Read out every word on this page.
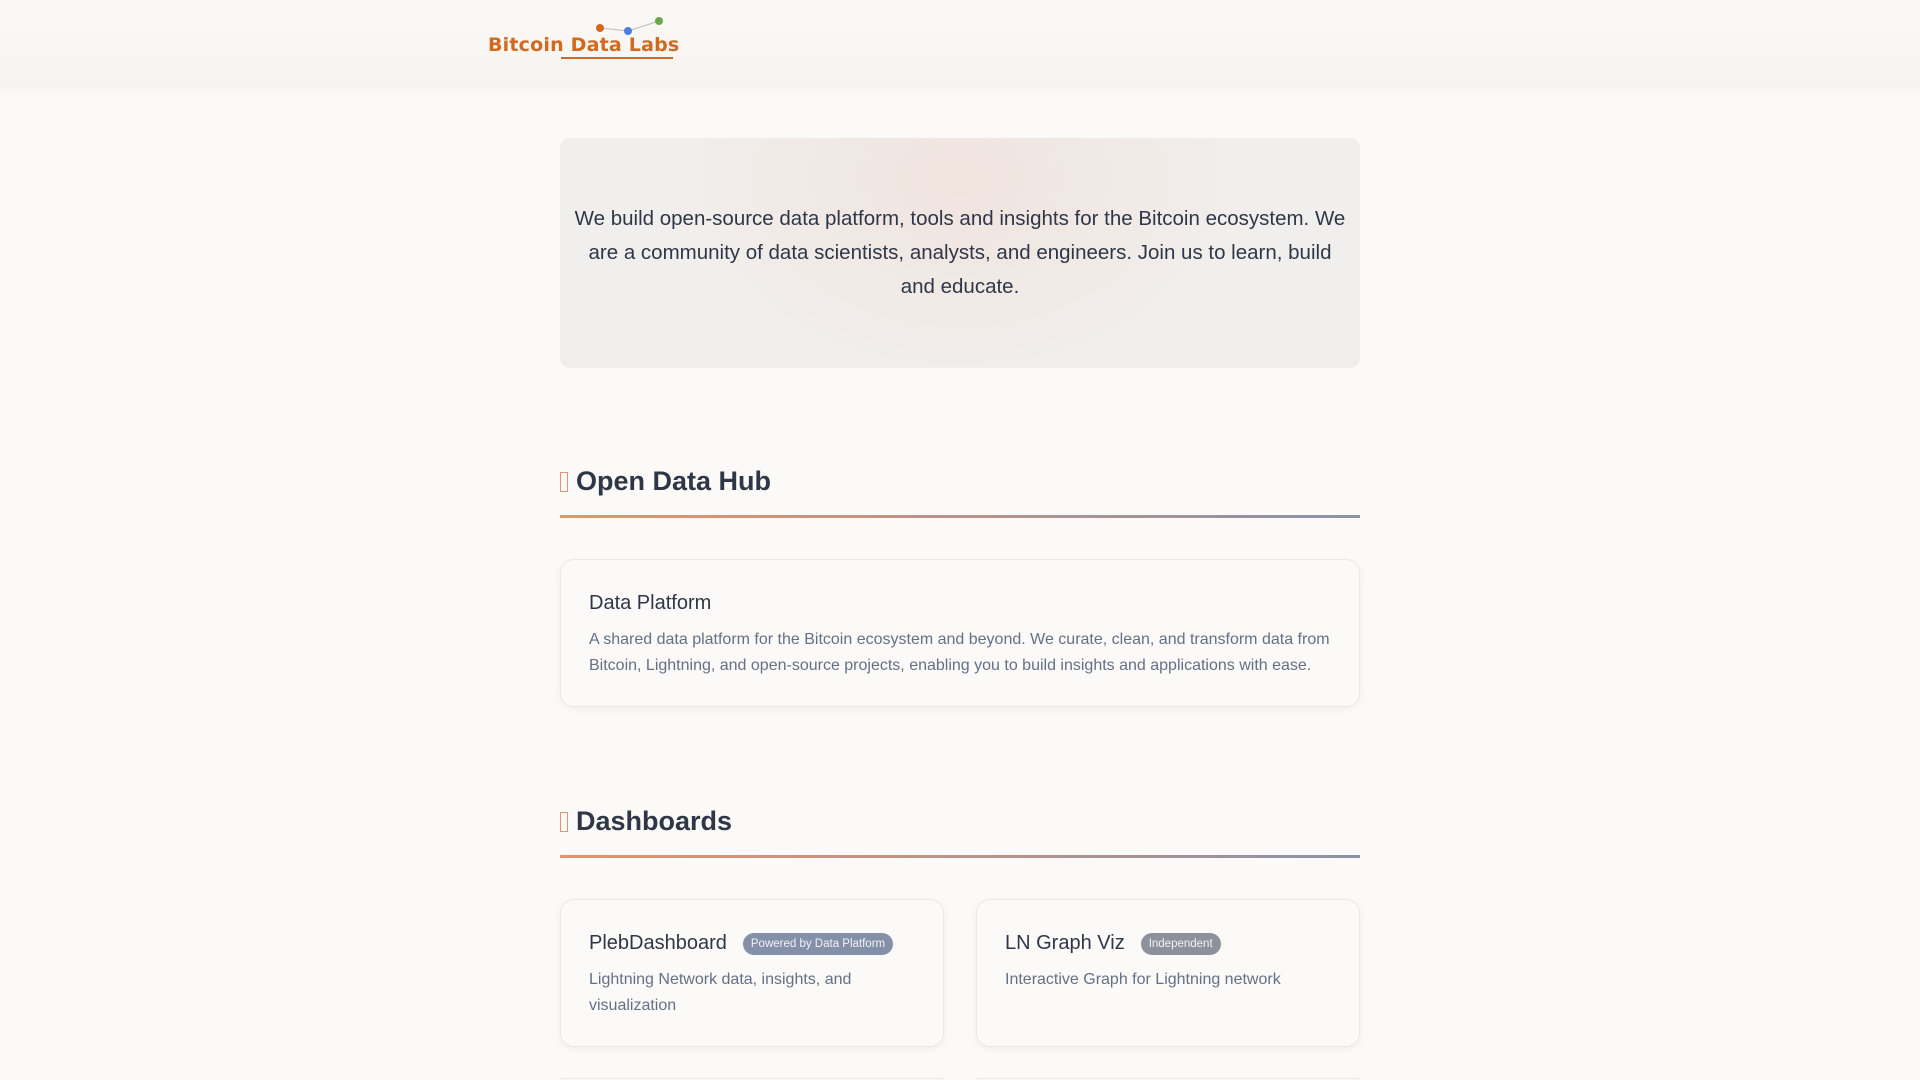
Bitcoin Data Labs

We build open-source data platform, tools and insights for the Bitcoin ecosystem. We are a community of data scientists, analysts, and engineers. Join us to learn, build and educate.

Open Data Hub
Data Platform

A shared data platform for the Bitcoin ecosystem and beyond. We curate, clean, and transform data from Bitcoin, Lightning, and open-source projects, enabling you to build insights and applications with ease.

Dashboards
PlebDashboard	Powered by Data Platform

Lightning Network data, insights, and visualization

LN Graph Viz	Independent

Interactive Graph for Lightning network
